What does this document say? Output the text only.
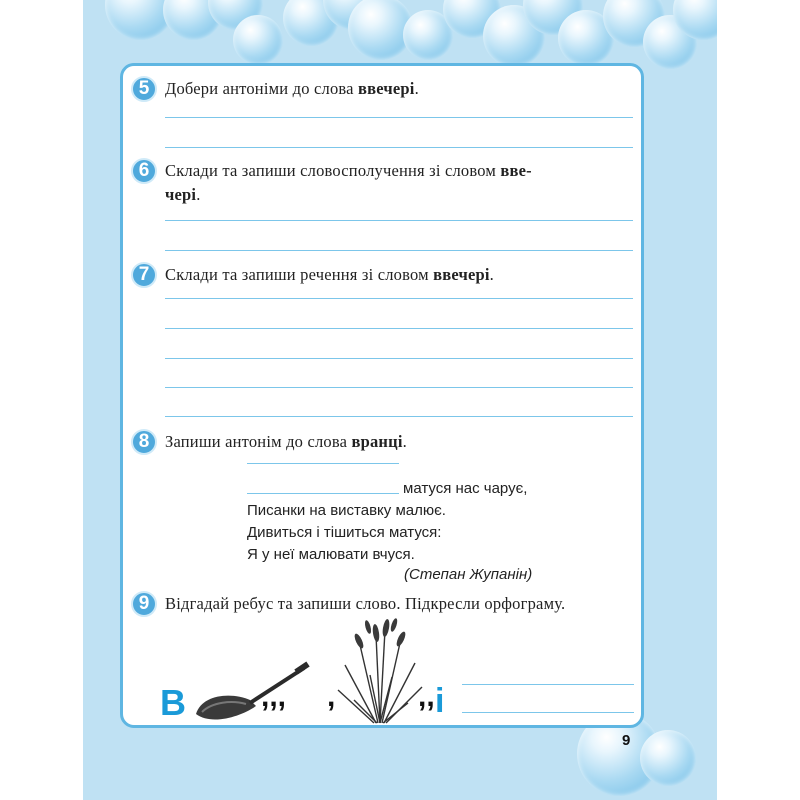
9
5 Добери антоніми до слова ввечері.
6 Склади та запиши словосполучення зі словом вве-
чері.
7 Склади та запиши речення зі словом ввечері.
8 Запиши антонім до слова вранці.
матуся нас чарує,
Писанки на виставку малює.
Дивиться і тішиться матуся:
Я у неї малювати вчуся.
(Степан Жупанін)
9 Відгадай ребус та запиши слово. Підкресли орфограму.
В	,,, ,	,, і
